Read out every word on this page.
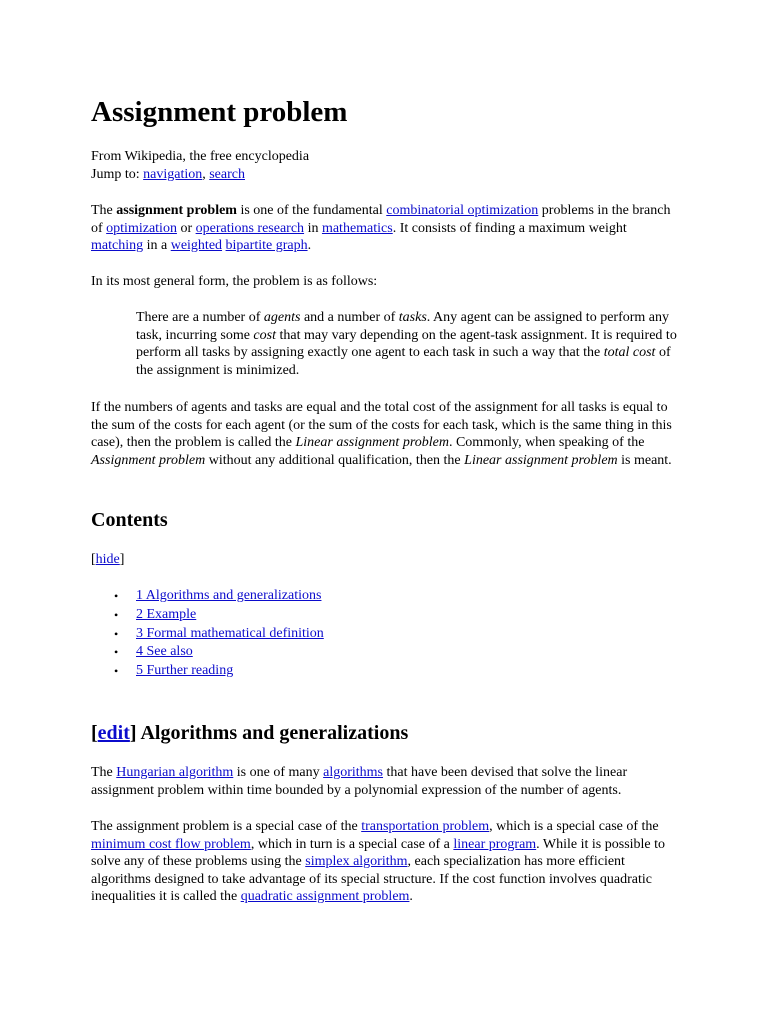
Assignment problem
From Wikipedia, the free encyclopedia
Jump to: navigation, search

The assignment problem is one of the fundamental combinatorial optimization problems in the branch of optimization or operations research in mathematics. It consists of finding a maximum weight matching in a weighted bipartite graph.

In its most general form, the problem is as follows:

There are a number of agents and a number of tasks. Any agent can be assigned to perform any task, incurring some cost that may vary depending on the agent-task assignment. It is required to perform all tasks by assigning exactly one agent to each task in such a way that the total cost of the assignment is minimized.

If the numbers of agents and tasks are equal and the total cost of the assignment for all tasks is equal to the sum of the costs for each agent (or the sum of the costs for each task, which is the same thing in this case), then the problem is called the Linear assignment problem. Commonly, when speaking of the Assignment problem without any additional qualification, then the Linear assignment problem is meant.

Contents
[hide]
• 1 Algorithms and generalizations
• 2 Example
• 3 Formal mathematical definition
• 4 See also
• 5 Further reading
[edit] Algorithms and generalizations

The Hungarian algorithm is one of many algorithms that have been devised that solve the linear assignment problem within time bounded by a polynomial expression of the number of agents.

The assignment problem is a special case of the transportation problem, which is a special case of the minimum cost flow problem, which in turn is a special case of a linear program. While it is possible to solve any of these problems using the simplex algorithm, each specialization has more efficient algorithms designed to take advantage of its special structure. If the cost function involves quadratic inequalities it is called the quadratic assignment problem.
